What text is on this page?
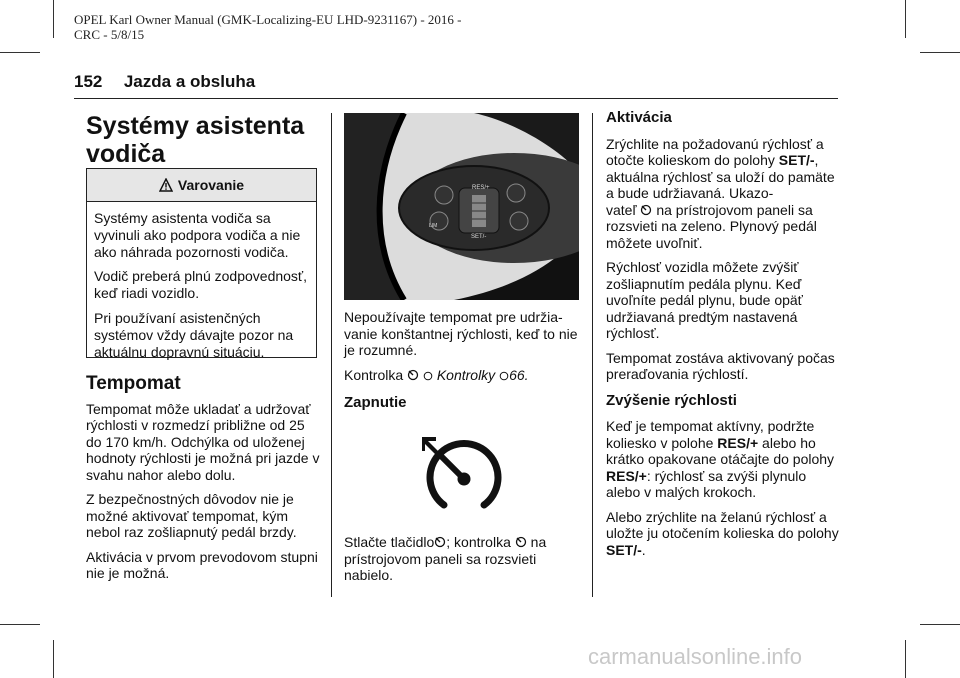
OPEL Karl Owner Manual (GMK-Localizing-EU LHD-9231167) - 2016 -
CRC - 5/8/15
152 Jazda a obsluha
Systémy asistenta
vodiča
Varovanie

Systémy asistenta vodiča sa vyvinuli ako podpora vodiča a nie ako náhrada pozornosti vodiča.

Vodič preberá plnú zodpovednosť, keď riadi vozidlo.

Pri používaní asistenčných systémov vždy dávajte pozor na aktuálnu dopravnú situáciu.

Tempomat

Tempomat môže ukladať a udržovať rýchlosti v rozmedzí približne od 25 do 170 km/h. Odchýlka od uloženej hodnoty rýchlosti je možná pri jazde v svahu nahor alebo dolu.

Z bezpečnostných dôvodov nie je možné aktivovať tempomat, kým nebol raz zošliapnutý pedál brzdy.

Aktivácia v prvom prevodovom stupni nie je možná.

RES/+
SET/-
LIM

Nepoužívajte tempomat pre udržiavanie konštantnej rýchlosti, keď to nie je rozumné.

Kontrolka Kontrolky 66.

Zapnutie

Stlačte tlačidlo ; kontrolka  na
prístrojovom paneli sa rozsvieti nabielo.

Aktivácia

Zrýchlite na požadovanú rýchlosť a otočte kolieskom do polohy SET/-, aktuálna rýchlosť sa uloží do pamäte a bude udržiavaná. Ukazo-
vateľ  na prístrojovom paneli sa rozsvieti na zeleno. Plynový pedál môžete uvoľniť.

Rýchlosť vozidla môžete zvýšiť zošliapnutím pedála plynu. Keď uvoľníte pedál plynu, bude opäť udržiavaná predtým nastavená rýchlosť.

Tempomat zostáva aktivovaný počas preraďovania rýchlostí.

Zvýšenie rýchlosti

Keď je tempomat aktívny, podržte koliesko v polohe RES/+ alebo ho krátko opakovane otáčajte do polohy RES/+: rýchlosť sa zvýši plynulo alebo v malých krokoch.

Alebo zrýchlite na želanú rýchlosť a uložte ju otočením kolieska do polohy SET/-.

carmanualsonline.info
